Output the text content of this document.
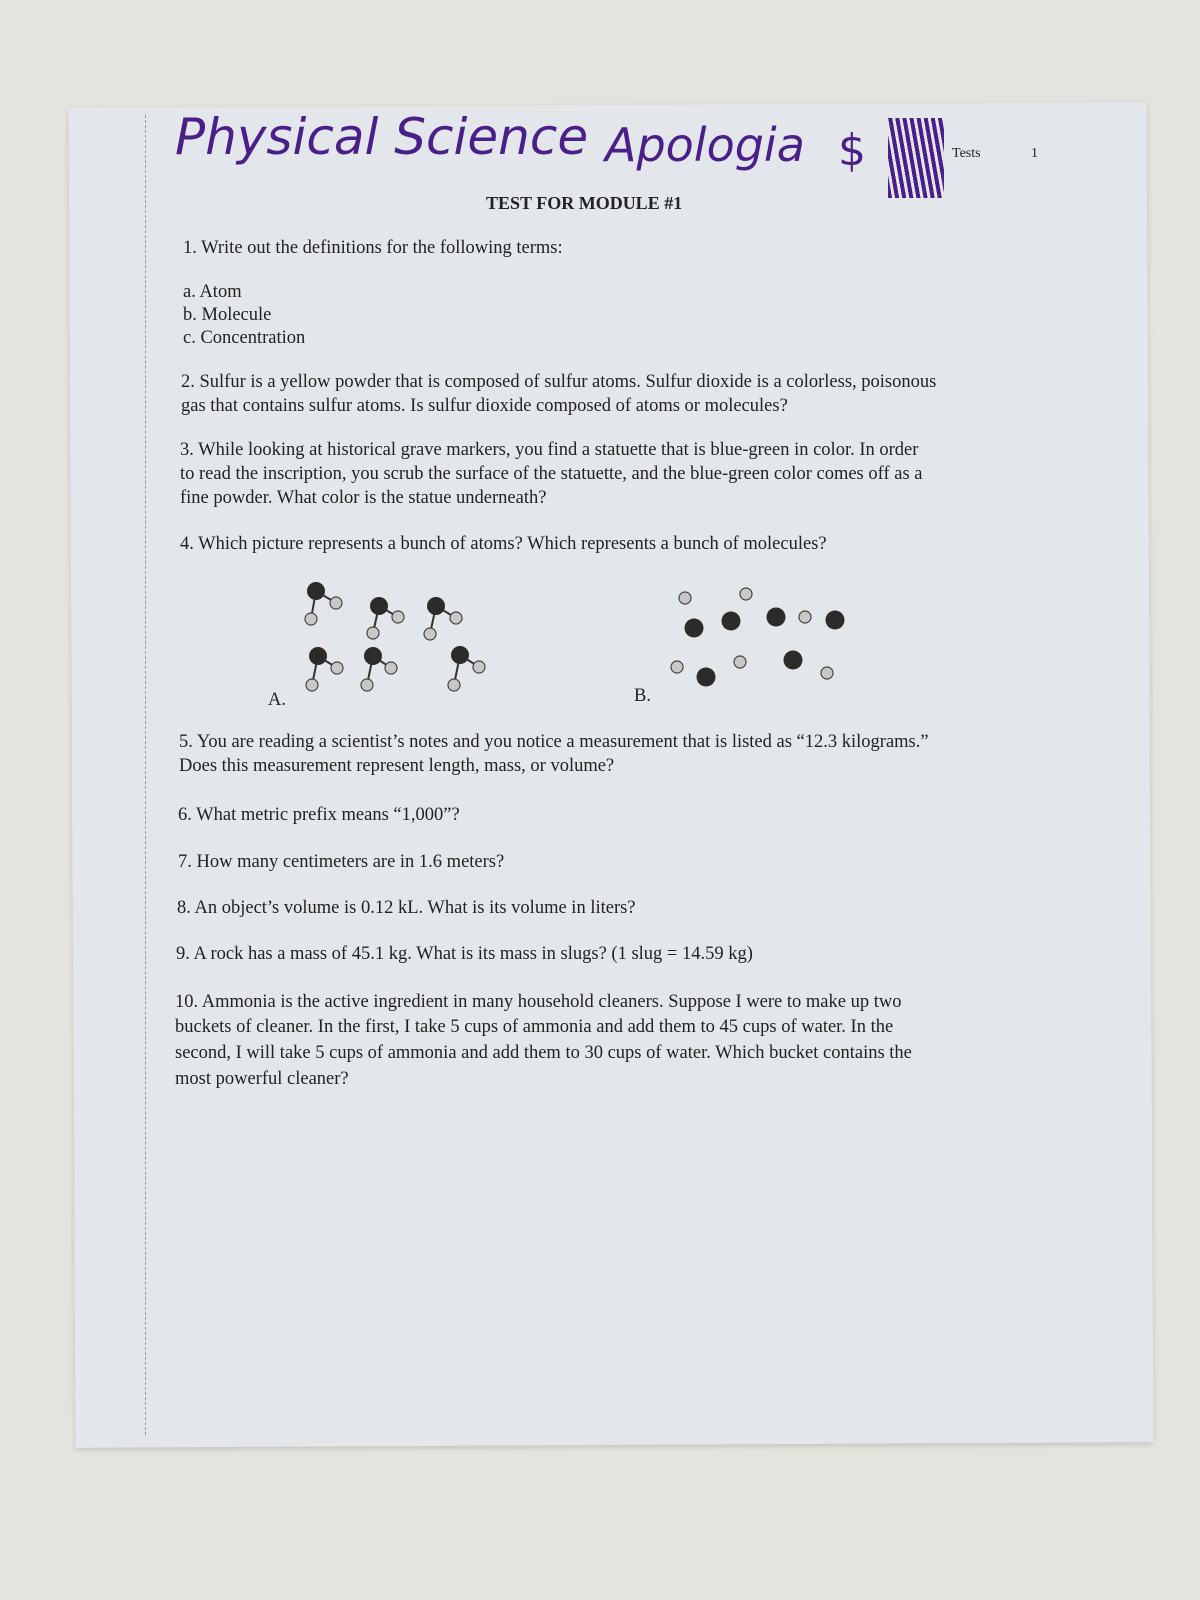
Physical Science Apologia $	Tests	1
TEST FOR MODULE #1
1. Write out the definitions for the following terms:
a. Atom
b. Molecule
c. Concentration
2. Sulfur is a yellow powder that is composed of sulfur atoms. Sulfur dioxide is a colorless, poisonous
gas that contains sulfur atoms. Is sulfur dioxide composed of atoms or molecules?
3. While looking at historical grave markers, you find a statuette that is blue-green in color. In order
to read the inscription, you scrub the surface of the statuette, and the blue-green color comes off as a
fine powder. What color is the statue underneath?
4. Which picture represents a bunch of atoms? Which represents a bunch of molecules?
A.	B.
5. You are reading a scientist’s notes and you notice a measurement that is listed as “12.3 kilograms.”
Does this measurement represent length, mass, or volume?
6. What metric prefix means “1,000”?
7. How many centimeters are in 1.6 meters?
8. An object’s volume is 0.12 kL. What is its volume in liters?
9. A rock has a mass of 45.1 kg. What is its mass in slugs? (1 slug = 14.59 kg)
10. Ammonia is the active ingredient in many household cleaners. Suppose I were to make up two
buckets of cleaner. In the first, I take 5 cups of ammonia and add them to 45 cups of water. In the
second, I will take 5 cups of ammonia and add them to 30 cups of water. Which bucket contains the
most powerful cleaner?
